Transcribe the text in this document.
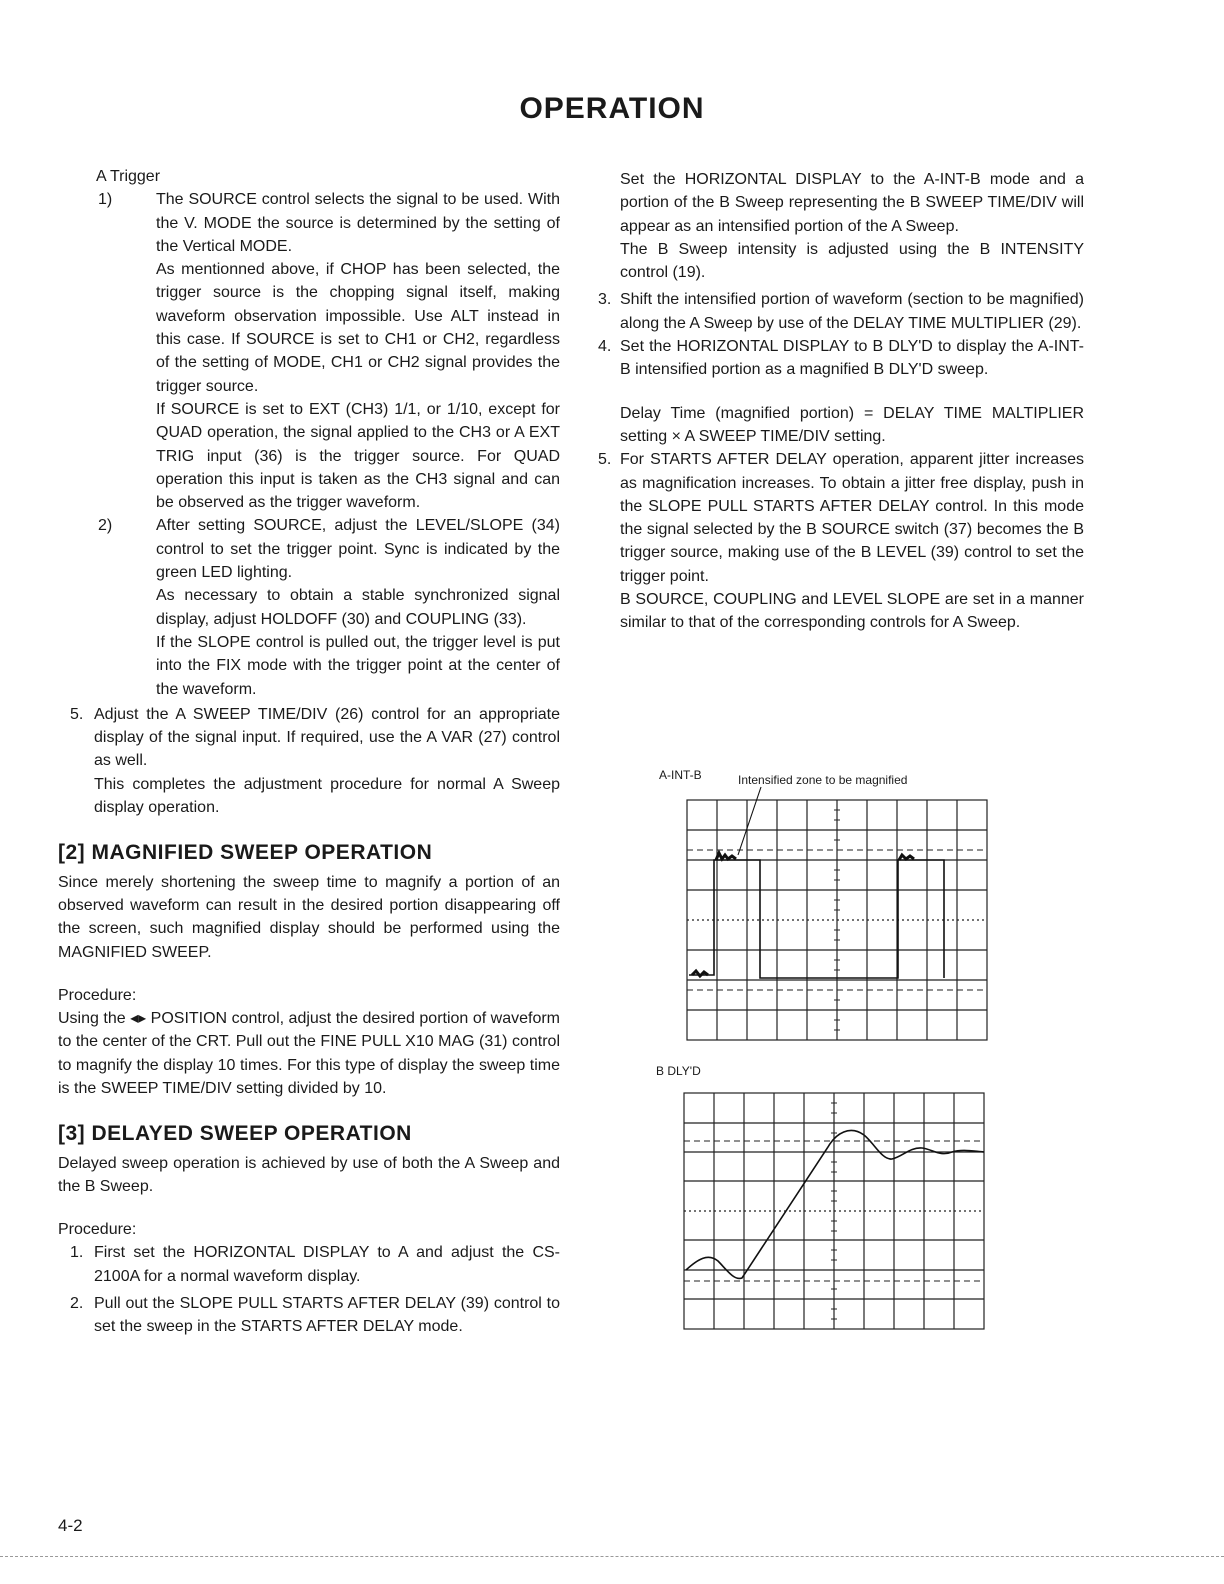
OPERATION

A Trigger

1)	The SOURCE control selects the signal to be used. With the V. MODE the source is determined by the setting of the Vertical MODE.

As mentionned above, if CHOP has been selected, the trigger source is the chopping signal itself, making waveform observation impossible. Use ALT instead in this case. If SOURCE is set to CH1 or CH2, regardless of the setting of MODE, CH1 or CH2 signal provides the trigger source.

If SOURCE is set to EXT (CH3) 1/1, or 1/10, except for QUAD operation, the signal applied to the CH3 or A EXT TRIG input (36) is the trigger source. For QUAD operation this input is taken as the CH3 signal and can be observed as the trigger waveform.

2)	After setting SOURCE, adjust the LEVEL/SLOPE (34) control to set the trigger point. Sync is indicated by the green LED lighting.

As necessary to obtain a stable synchronized signal display, adjust HOLDOFF (30) and COUPLING (33).

If the SLOPE control is pulled out, the trigger level is put into the FIX mode with the trigger point at the center of the waveform.

5. Adjust the A SWEEP TIME/DIV (26) control for an appropriate display of the signal input. If required, use the A VAR (27) control as well.

This completes the adjustment procedure for normal A Sweep display operation.

[2] MAGNIFIED SWEEP OPERATION

Since merely shortening the sweep time to magnify a portion of an observed waveform can result in the desired portion disappearing off the screen, such magnified display should be performed using the MAGNIFIED SWEEP.

Procedure:

Using the ◂▸ POSITION control, adjust the desired portion of waveform to the center of the CRT. Pull out the FINE PULL X10 MAG (31) control to magnify the display 10 times. For this type of display the sweep time is the SWEEP TIME/DIV setting divided by 10.

[3] DELAYED SWEEP OPERATION

Delayed sweep operation is achieved by use of both the A Sweep and the B Sweep.

Procedure:

1. First set the HORIZONTAL DISPLAY to A and adjust the CS-2100A for a normal waveform display.

2. Pull out the SLOPE PULL STARTS AFTER DELAY (39) control to set the sweep in the STARTS AFTER DELAY mode.

Set the HORIZONTAL DISPLAY to the A-INT-B mode and a portion of the B Sweep representing the B SWEEP TIME/DIV will appear as an intensified portion of the A Sweep.

The B Sweep intensity is adjusted using the B INTENSITY control (19).

3. Shift the intensified portion of waveform (section to be magnified) along the A Sweep by use of the DELAY TIME MULTIPLIER (29).

4. Set the HORIZONTAL DISPLAY to B DLY'D to display the A-INT-B intensified portion as a magnified B DLY'D sweep.

Delay Time (magnified portion) = DELAY TIME MALTIPLIER setting × A SWEEP TIME/DIV setting.

5. For STARTS AFTER DELAY operation, apparent jitter increases as magnification increases. To obtain a jitter free display, push in the SLOPE PULL STARTS AFTER DELAY control. In this mode the signal selected by the B SOURCE switch (37) becomes the B trigger source, making use of the B LEVEL (39) control to set the trigger point.

B SOURCE, COUPLING and LEVEL SLOPE are set in a manner similar to that of the corresponding controls for A Sweep.

A-INT-B	Intensified zone to be magnified
B DLY'D
4-2
